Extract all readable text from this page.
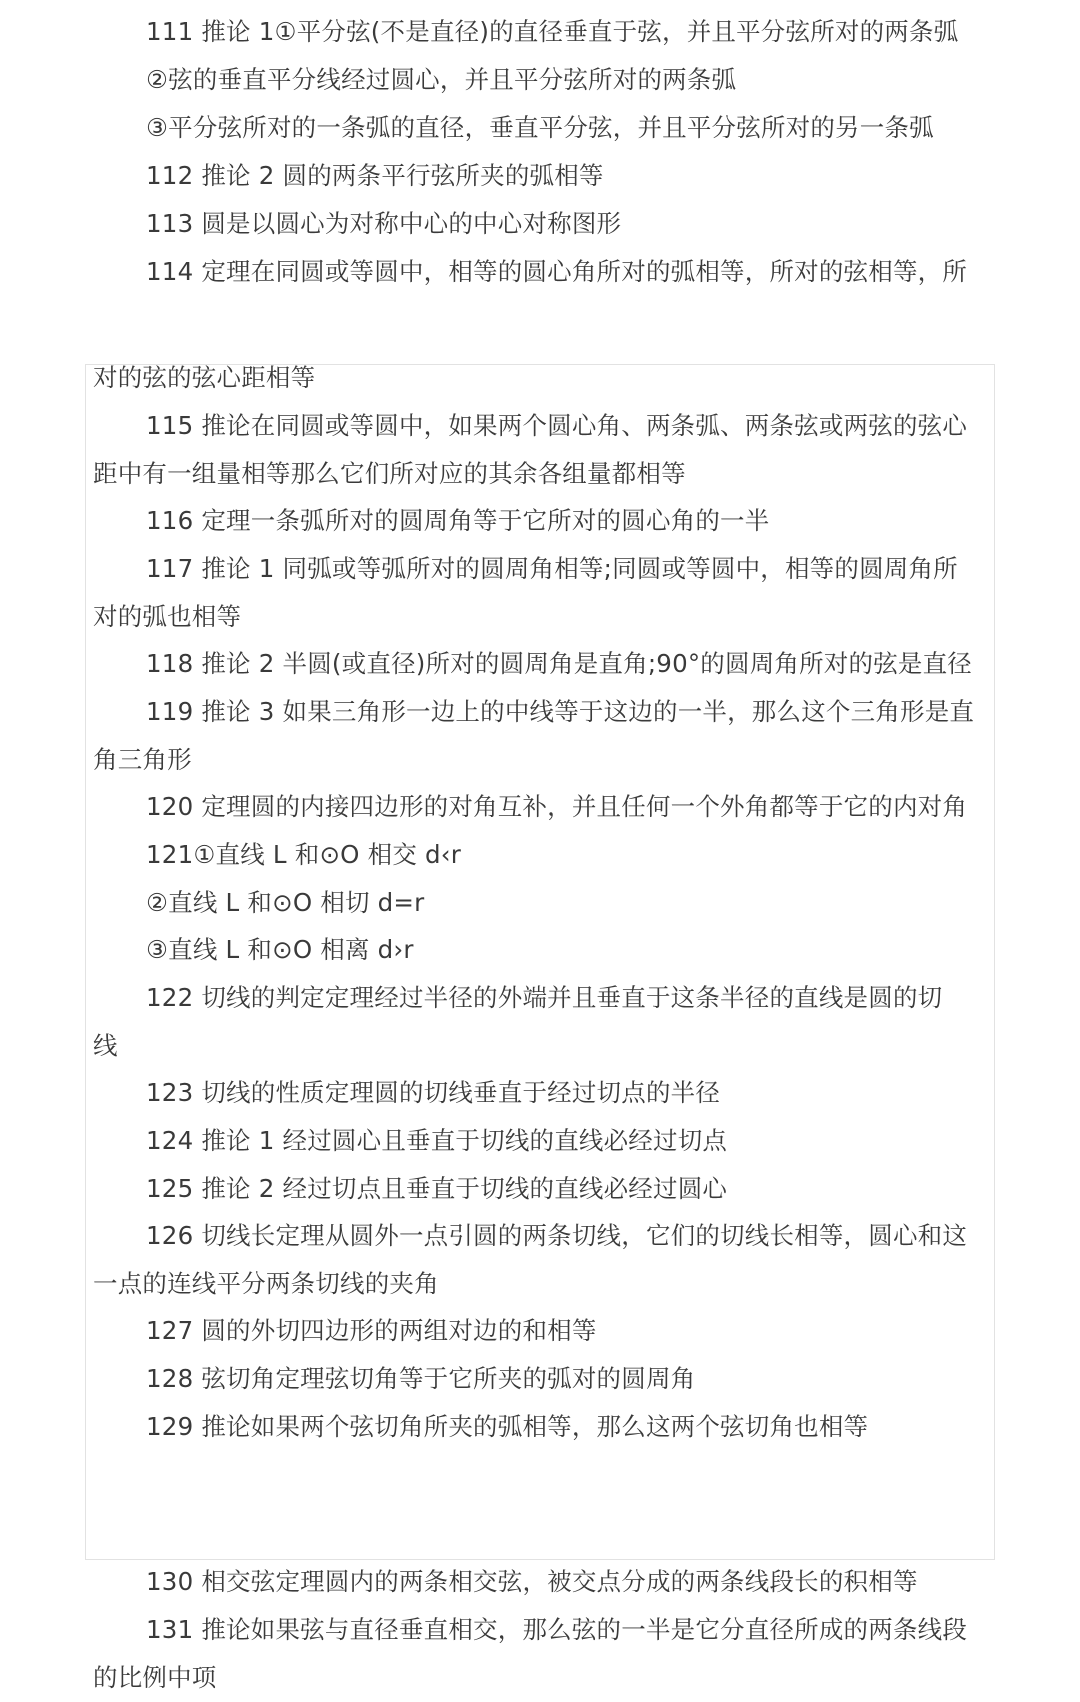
111 推论 1①平分弦(不是直径)的直径垂直于弦，并且平分弦所对的两条弧
②弦的垂直平分线经过圆心，并且平分弦所对的两条弧
③平分弦所对的一条弧的直径，垂直平分弦，并且平分弦所对的另一条弧
112 推论 2 圆的两条平行弦所夹的弧相等
113 圆是以圆心为对称中心的中心对称图形
114 定理在同圆或等圆中，相等的圆心角所对的弧相等，所对的弦相等，所
对的弦的弦心距相等
115 推论在同圆或等圆中，如果两个圆心角、两条弧、两条弦或两弦的弦心
距中有一组量相等那么它们所对应的其余各组量都相等
116 定理一条弧所对的圆周角等于它所对的圆心角的一半
117 推论 1 同弧或等弧所对的圆周角相等;同圆或等圆中，相等的圆周角所
对的弧也相等
118 推论 2 半圆(或直径)所对的圆周角是直角;90°的圆周角所对的弦是直径
119 推论 3 如果三角形一边上的中线等于这边的一半，那么这个三角形是直
角三角形
120 定理圆的内接四边形的对角互补，并且任何一个外角都等于它的内对角
121①直线 L 和⊙O 相交 d‹r
②直线 L 和⊙O 相切 d=r
③直线 L 和⊙O 相离 d›r
122 切线的判定定理经过半径的外端并且垂直于这条半径的直线是圆的切
线
123 切线的性质定理圆的切线垂直于经过切点的半径
124 推论 1 经过圆心且垂直于切线的直线必经过切点
125 推论 2 经过切点且垂直于切线的直线必经过圆心
126 切线长定理从圆外一点引圆的两条切线，它们的切线长相等，圆心和这
一点的连线平分两条切线的夹角
127 圆的外切四边形的两组对边的和相等
128 弦切角定理弦切角等于它所夹的弧对的圆周角
129 推论如果两个弦切角所夹的弧相等，那么这两个弦切角也相等
130 相交弦定理圆内的两条相交弦，被交点分成的两条线段长的积相等
131 推论如果弦与直径垂直相交，那么弦的一半是它分直径所成的两条线段
的比例中项
